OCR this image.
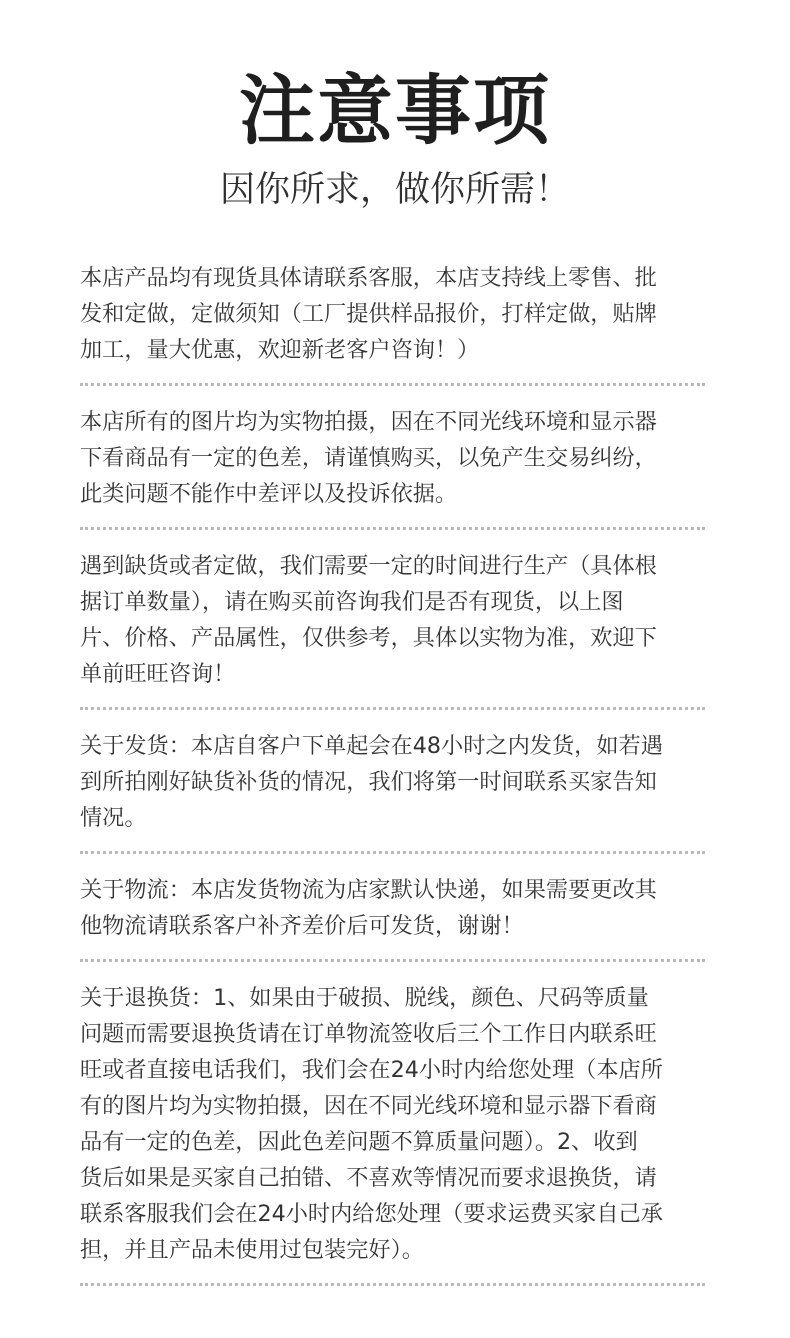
注意事项
因你所求，做你所需！
本店产品均有现货具体请联系客服，本店支持线上零售、批
发和定做，定做须知（工厂提供样品报价，打样定做，贴牌
加工，量大优惠，欢迎新老客户咨询！）
本店所有的图片均为实物拍摄，因在不同光线环境和显示器
下看商品有一定的色差，请谨慎购买，以免产生交易纠纷，
此类问题不能作中差评以及投诉依据。
遇到缺货或者定做，我们需要一定的时间进行生产（具体根
据订单数量），请在购买前咨询我们是否有现货，以上图
片、价格、产品属性，仅供参考，具体以实物为准，欢迎下
单前旺旺咨询！
关于发货：本店自客户下单起会在48小时之内发货，如若遇
到所拍刚好缺货补货的情况，我们将第一时间联系买家告知
情况。
关于物流：本店发货物流为店家默认快递，如果需要更改其
他物流请联系客户补齐差价后可发货，谢谢！
关于退换货：1、如果由于破损、脱线，颜色、尺码等质量
问题而需要退换货请在订单物流签收后三个工作日内联系旺
旺或者直接电话我们，我们会在24小时内给您处理（本店所
有的图片均为实物拍摄，因在不同光线环境和显示器下看商
品有一定的色差，因此色差问题不算质量问题）。2、收到
货后如果是买家自己拍错、不喜欢等情况而要求退换货，请
联系客服我们会在24小时内给您处理（要求运费买家自己承
担，并且产品未使用过包装完好）。
